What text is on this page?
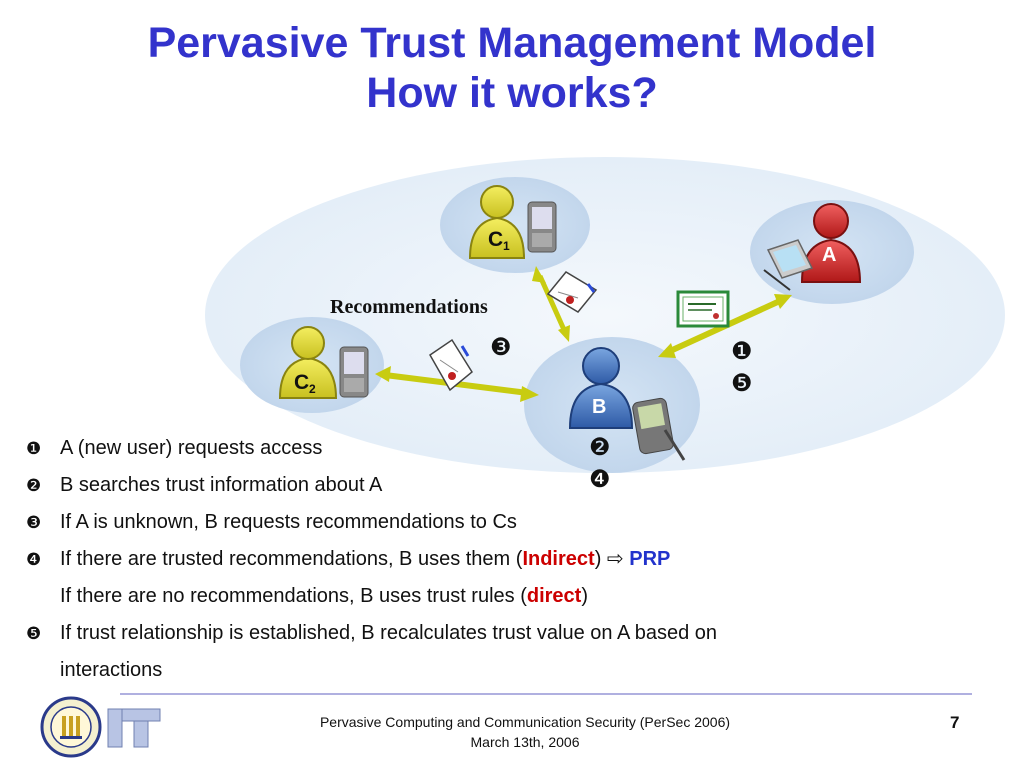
Pervasive Trust Management Model
How it works?
C 1
C 2
A
B
Recommendations
❸	❶
❺
❷
❹
❶ A (new user) requests access
❷ B searches trust information about A
❸ If A is unknown, B requests recommendations to Cs
❹ If there are trusted recommendations, B uses them (Indirect) ⇨ PRP
If there are no recommendations, B uses trust rules (direct)
❺ If trust relationship is established, B recalculates trust value on A based on
interactions
Pervasive Computing and Communication Security (PerSec 2006)
March 13th, 2006
7
